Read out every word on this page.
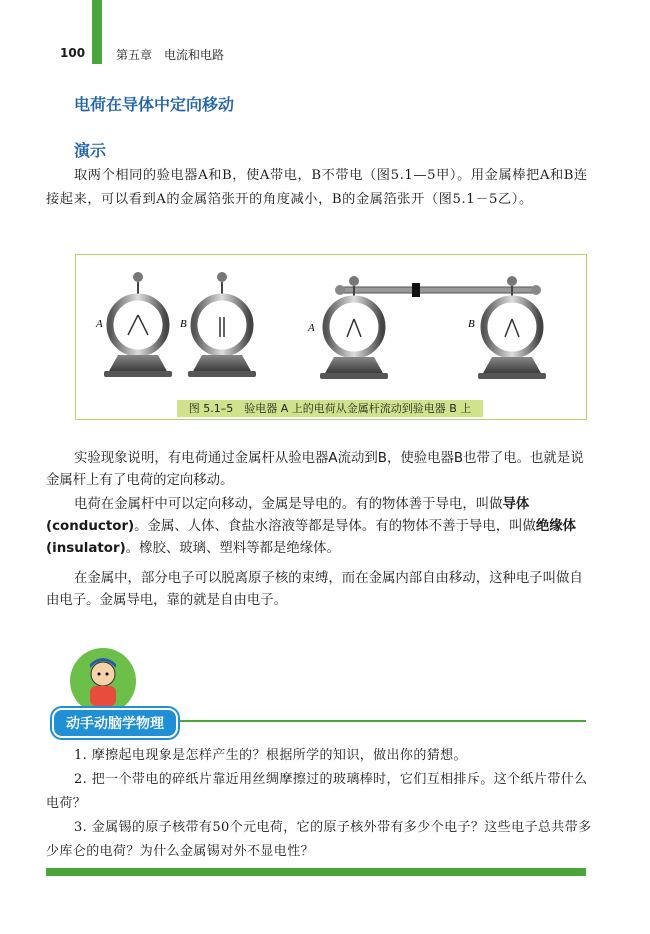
100	第五章　电流和电路
电荷在导体中定向移动
演示
取两个相同的验电器A和B，使A带电，B不带电（图5.1—5甲）。用金属棒把A和B连接起来，可以看到A的金属箔张开的角度减小，B的金属箔张开（图5.1－5乙）。
A	B	A	B
图 5.1–5　验电器 A 上的电荷从金属杆流动到验电器 B 上
实验现象说明，有电荷通过金属杆从验电器A流动到B，使验电器B也带了电。也就是说金属杆上有了电荷的定向移动。
电荷在金属杆中可以定向移动，金属是导电的。有的物体善于导电，叫做导体(conductor)。金属、人体、食盐水溶液等都是导体。有的物体不善于导电，叫做绝缘体(insulator)。橡胶、玻璃、塑料等都是绝缘体。
在金属中，部分电子可以脱离原子核的束缚，而在金属内部自由移动，这种电子叫做自由电子。金属导电，靠的就是自由电子。
动手动脑学物理
1. 摩擦起电现象是怎样产生的？根据所学的知识，做出你的猜想。
2. 把一个带电的碎纸片靠近用丝绸摩擦过的玻璃棒时，它们互相排斥。这个纸片带什么电荷？
3. 金属锡的原子核带有50个元电荷，它的原子核外带有多少个电子？这些电子总共带多少库仑的电荷？为什么金属锡对外不显电性？
